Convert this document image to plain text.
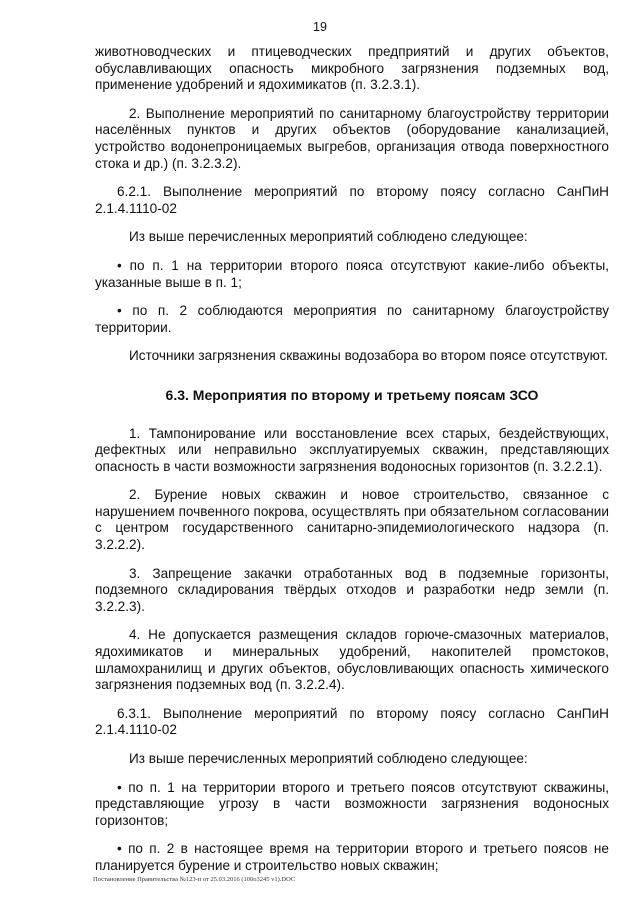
19

животноводческих и птицеводческих предприятий и других объектов, обуславливающих опасность микробного загрязнения подземных вод, применение удобрений и ядохимикатов (п. 3.2.3.1).

2. Выполнение мероприятий по санитарному благоустройству территории населённых пунктов и других объектов (оборудование канализацией, устройство водонепроницаемых выгребов, организация отвода поверхностного стока и др.) (п. 3.2.3.2).

6.2.1. Выполнение мероприятий по второму поясу согласно СанПиН 2.1.4.1110-02

Из выше перечисленных мероприятий соблюдено следующее:

• по п. 1 на территории второго пояса отсутствуют какие-либо объекты, указанные выше в п. 1;

• по п. 2 соблюдаются мероприятия по санитарному благоустройству территории.

Источники загрязнения скважины водозабора во втором поясе отсутствуют.

6.3. Мероприятия по второму и третьему поясам ЗСО

1. Тампонирование или восстановление всех старых, бездействующих, дефектных или неправильно эксплуатируемых скважин, представляющих опасность в части возможности загрязнения водоносных горизонтов (п. 3.2.2.1).

2. Бурение новых скважин и новое строительство, связанное с нарушением почвенного покрова, осуществлять при обязательном согласовании с центром государственного санитарно-эпидемиологического надзора (п. 3.2.2.2).

3. Запрещение закачки отработанных вод в подземные горизонты, подземного складирования твёрдых отходов и разработки недр земли (п. 3.2.2.3).

4. Не допускается размещения складов горюче-смазочных материалов, ядохимикатов и минеральных удобрений, накопителей промстоков, шламохранилищ и других объектов, обусловливающих опасность химического загрязнения подземных вод (п. 3.2.2.4).

6.3.1. Выполнение мероприятий по второму поясу согласно СанПиН 2.1.4.1110-02

Из выше перечисленных мероприятий соблюдено следующее:

• по п. 1 на территории второго и третьего поясов отсутствуют скважины, представляющие угрозу в части возможности загрязнения водоносных горизонтов;

• по п. 2 в настоящее время на территории второго и третьего поясов не планируется бурение и строительство новых скважин;

Постановление Правительства №123-п от 25.03.2016 (100o3245 v1).DOC
